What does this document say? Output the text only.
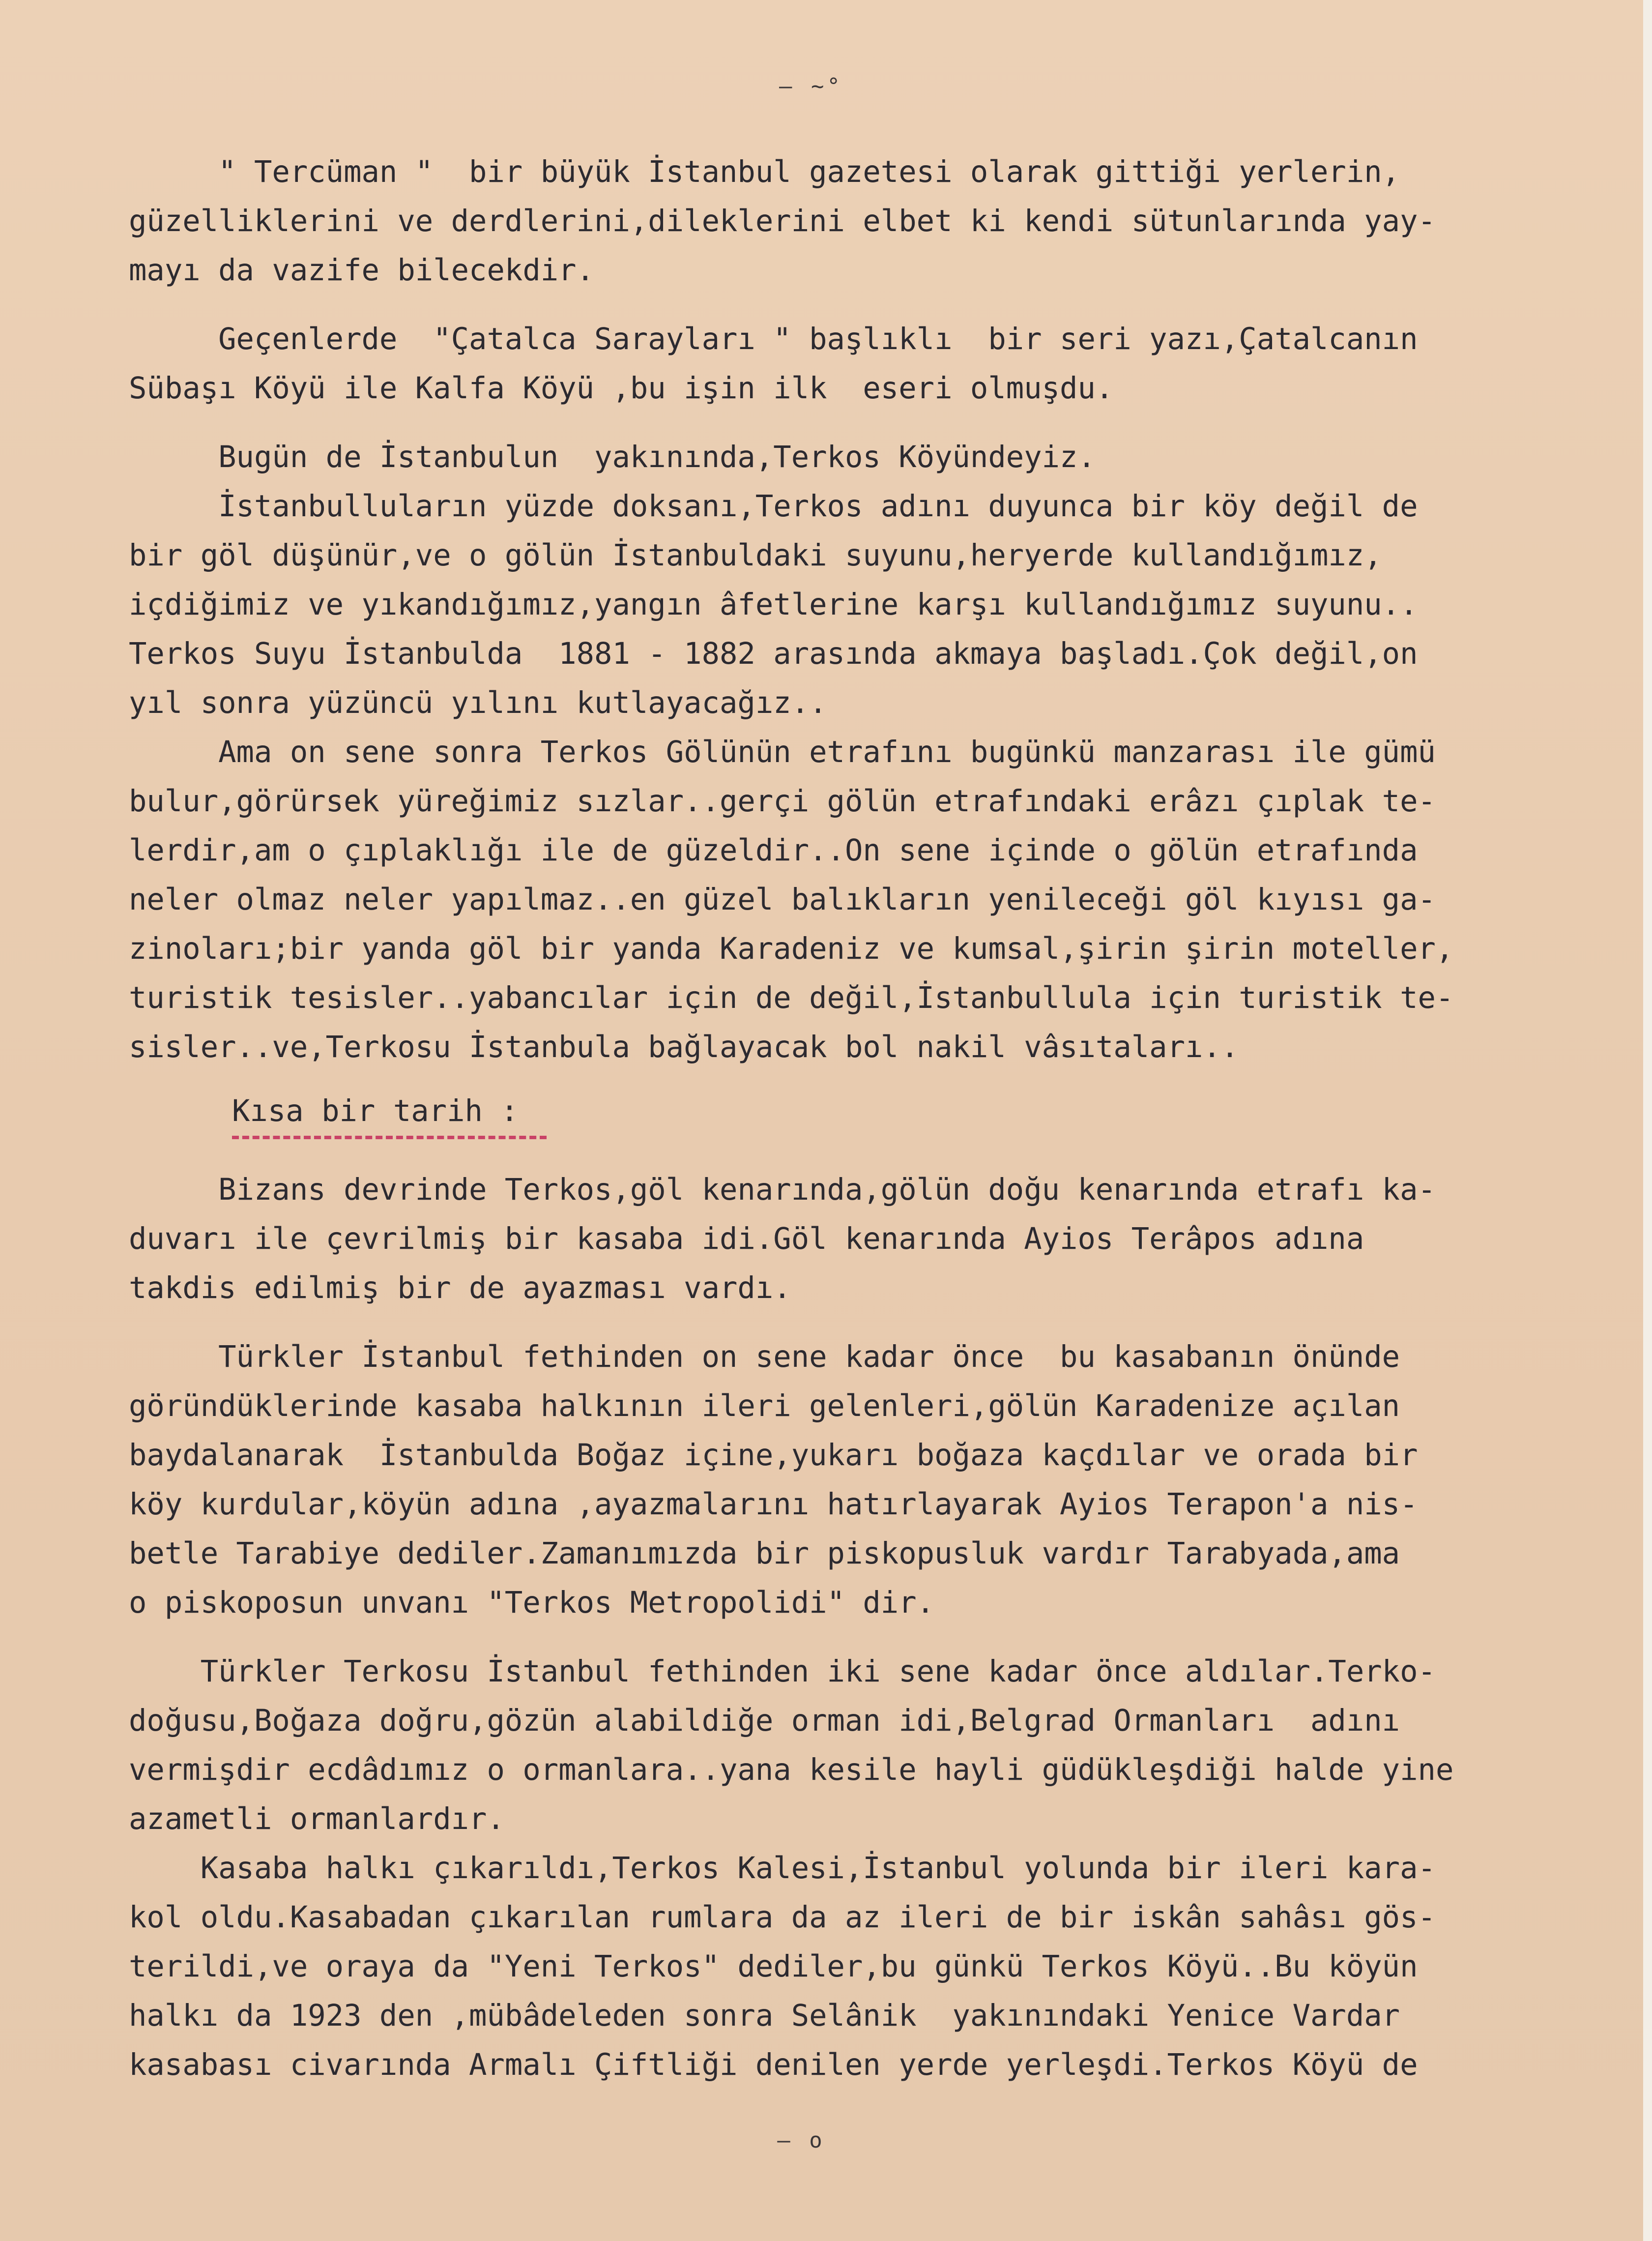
— ~°
" Tercüman "  bir büyük İstanbul gazetesi olarak gittiği yerlerin,
güzelliklerini ve derdlerini,dileklerini elbet ki kendi sütunlarında yay-
mayı da vazife bilecekdir.
Geçenlerde  "Çatalca Sarayları " başlıklı  bir seri yazı,Çatalcanın
Sübaşı Köyü ile Kalfa Köyü ,bu işin ilk  eseri olmuşdu.
Bugün de İstanbulun  yakınında,Terkos Köyündeyiz.
İstanbulluların yüzde doksanı,Terkos adını duyunca bir köy değil de
bir göl düşünür,ve o gölün İstanbuldaki suyunu,heryerde kullandığımız,
içdiğimiz ve yıkandığımız,yangın âfetlerine karşı kullandığımız suyunu..
Terkos Suyu İstanbulda  1881 - 1882 arasında akmaya başladı.Çok değil,on
yıl sonra yüzüncü yılını kutlayacağız..
Ama on sene sonra Terkos Gölünün etrafını bugünkü manzarası ile gümü
bulur,görürsek yüreğimiz sızlar..gerçi gölün etrafındaki erâzı çıplak te-
lerdir,am o çıplaklığı ile de güzeldir..On sene içinde o gölün etrafında
neler olmaz neler yapılmaz..en güzel balıkların yenileceği göl kıyısı ga-
zinoları;bir yanda göl bir yanda Karadeniz ve kumsal,şirin şirin moteller,
turistik tesisler..yabancılar için de değil,İstanbullula için turistik te-
sisler..ve,Terkosu İstanbula bağlayacak bol nakil vâsıtaları..
Kısa bir tarih :
Bizans devrinde Terkos,göl kenarında,gölün doğu kenarında etrafı ka-
duvarı ile çevrilmiş bir kasaba idi.Göl kenarında Ayios Terâpos adına
takdis edilmiş bir de ayazması vardı.
Türkler İstanbul fethinden on sene kadar önce  bu kasabanın önünde
göründüklerinde kasaba halkının ileri gelenleri,gölün Karadenize açılan
baydalanarak  İstanbulda Boğaz içine,yukarı boğaza kaçdılar ve orada bir
köy kurdular,köyün adına ,ayazmalarını hatırlayarak Ayios Terapon'a nis-
betle Tarabiye dediler.Zamanımızda bir piskopusluk vardır Tarabyada,ama
o piskoposun unvanı "Terkos Metropolidi" dir.
Türkler Terkosu İstanbul fethinden iki sene kadar önce aldılar.Terko-
doğusu,Boğaza doğru,gözün alabildiğe orman idi,Belgrad Ormanları  adını
vermişdir ecdâdımız o ormanlara..yana kesile hayli güdükleşdiği halde yine
azametli ormanlardır.
Kasaba halkı çıkarıldı,Terkos Kalesi,İstanbul yolunda bir ileri kara-
kol oldu.Kasabadan çıkarılan rumlara da az ileri de bir iskân sahâsı gös-
terildi,ve oraya da "Yeni Terkos" dediler,bu günkü Terkos Köyü..Bu köyün
halkı da 1923 den ,mübâdeleden sonra Selânik  yakınındaki Yenice Vardar
kasabası civarında Armalı Çiftliği denilen yerde yerleşdi.Terkos Köyü de
— o
